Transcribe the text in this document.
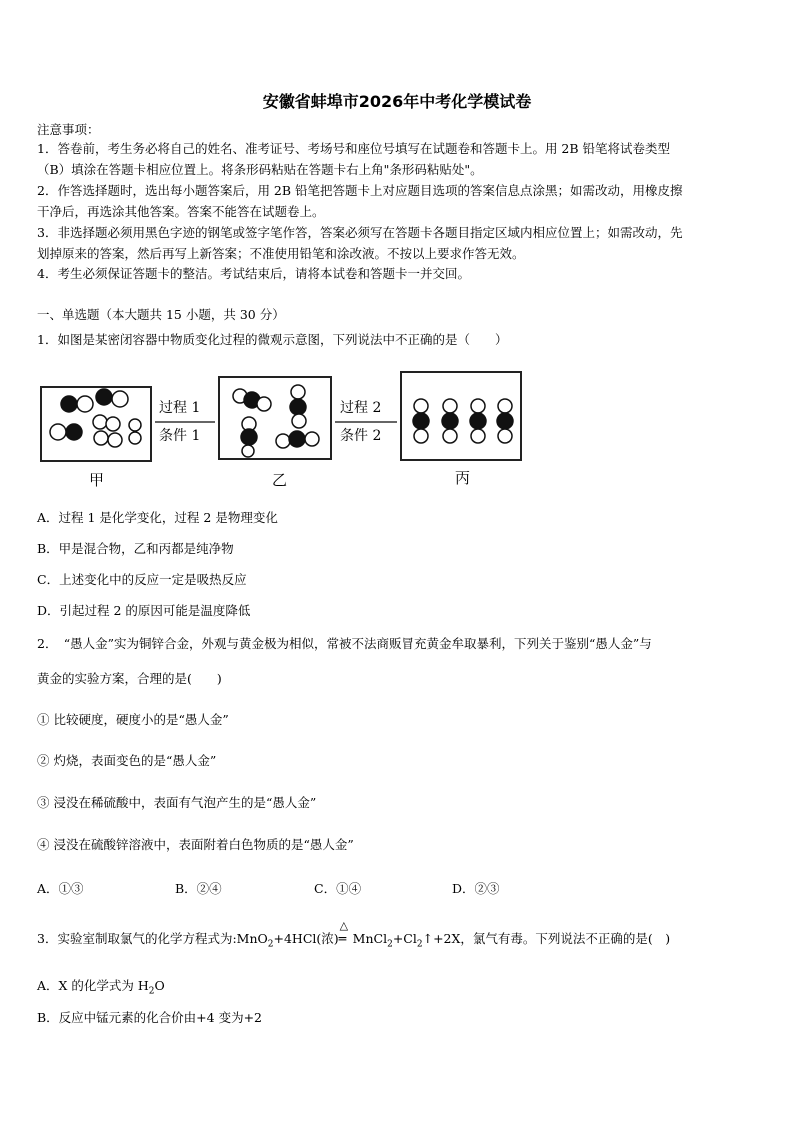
安徽省蚌埠市2026年中考化学模试卷
注意事项：
1．答卷前，考生务必将自己的姓名、准考证号、考场号和座位号填写在试题卷和答题卡上。用 2B 铅笔将试卷类型
（B）填涂在答题卡相应位置上。将条形码粘贴在答题卡右上角"条形码粘贴处"。
2．作答选择题时，选出每小题答案后，用 2B 铅笔把答题卡上对应题目选项的答案信息点涂黑；如需改动，用橡皮擦
干净后，再选涂其他答案。答案不能答在试题卷上。
3．非选择题必须用黑色字迹的钢笔或签字笔作答，答案必须写在答题卡各题目指定区域内相应位置上；如需改动，先
划掉原来的答案，然后再写上新答案；不准使用铅笔和涂改液。不按以上要求作答无效。
4．考生必须保证答题卡的整洁。考试结束后，请将本试卷和答题卡一并交回。
一、单选题（本大题共 15 小题，共 30 分）
1．如图是某密闭容器中物质变化过程的微观示意图，下列说法中不正确的是（　　）
过程 1
条件 1
过程 2
条件 2
甲	乙	丙
A．过程 1 是化学变化，过程 2 是物理变化
B．甲是混合物，乙和丙都是纯净物
C．上述变化中的反应一定是吸热反应
D．引起过程 2 的原因可能是温度降低
2．　“愚人金”实为铜锌合金，外观与黄金极为相似，常被不法商贩冒充黄金牟取暴利，下列关于鉴别“愚人金”与
黄金的实验方案，合理的是(　　)
① 比较硬度，硬度小的是“愚人金”
② 灼烧，表面变色的是“愚人金”
③ 浸没在稀硫酸中，表面有气泡产生的是“愚人金”
④ 浸没在硫酸锌溶液中，表面附着白色物质的是“愚人金”
A．①③	B．②④	C．①④	D．②③
3．实验室制取氯气的化学方程式为:MnO$_2$+4HCl(浓)
△
═ $MnCl_2+Cl_2↑+2X$，氯气有毒。下列说法不正确的是(　)
A．X 的化学式为 $H_2O$
B．反应中锰元素的化合价由+4 变为+2
